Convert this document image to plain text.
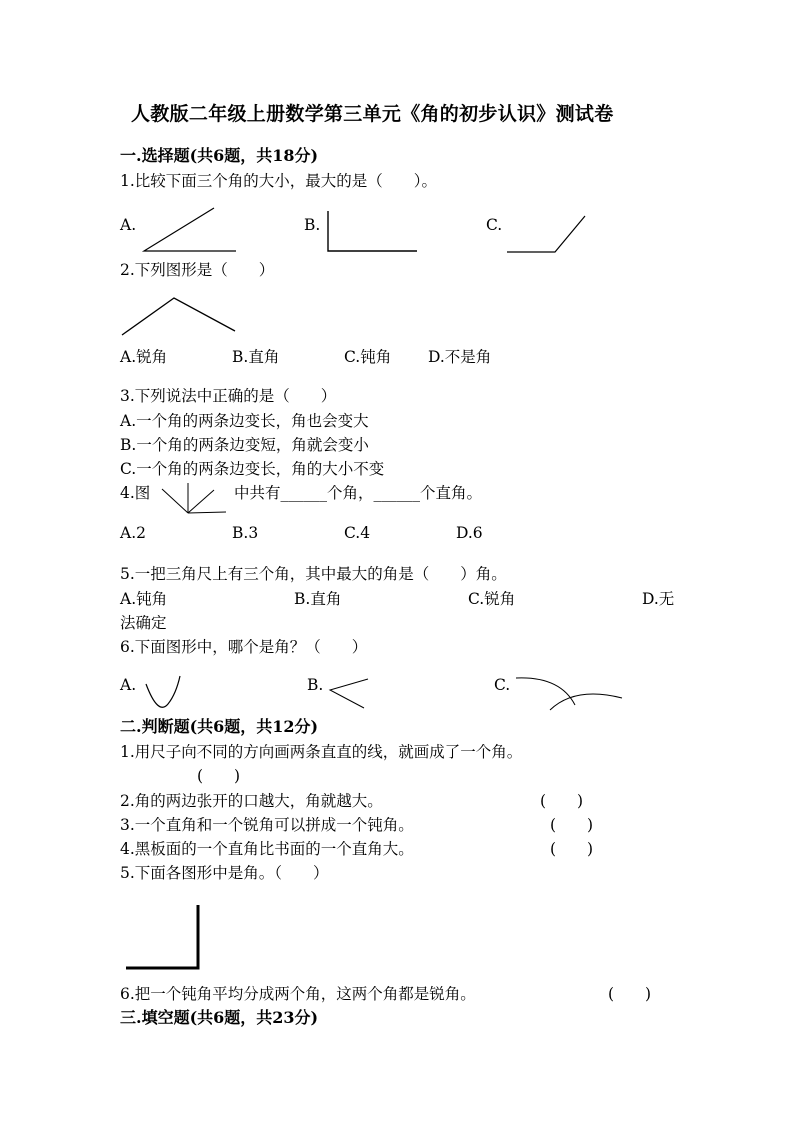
人教版二年级上册数学第三单元《角的初步认识》测试卷
一.选择题(共6题，共18分)
1.比较下面三个角的大小，最大的是（　　）。
A.	B.	C.
2.下列图形是（　　）
A.锐角	B.直角	C.钝角 D.不是角
3.下列说法中正确的是（　　）
A.一个角的两条边变长，角也会变大
B.一个角的两条边变短，角就会变小
C.一个角的两条边变长，角的大小不变
4.图	中共有______个角，______个直角。
A.2	B.3	C.4	D.6
5.一把三角尺上有三个角，其中最大的角是（　　）角。
A.钝角	B.直角	C.锐角	D.无
法确定
6.下面图形中，哪个是角？（　　）
A.	B.	C.
二.判断题(共6题，共12分)
1.用尺子向不同的方向画两条直直的线，就画成了一个角。
(　　)
2.角的两边张开的口越大，角就越大。	(　　)
3.一个直角和一个锐角可以拼成一个钝角。	(　　)
4.黑板面的一个直角比书面的一个直角大。	(　　)
5.下面各图形中是角。（　　）
6.把一个钝角平均分成两个角，这两个角都是锐角。	(　　)
三.填空题(共6题，共23分)
